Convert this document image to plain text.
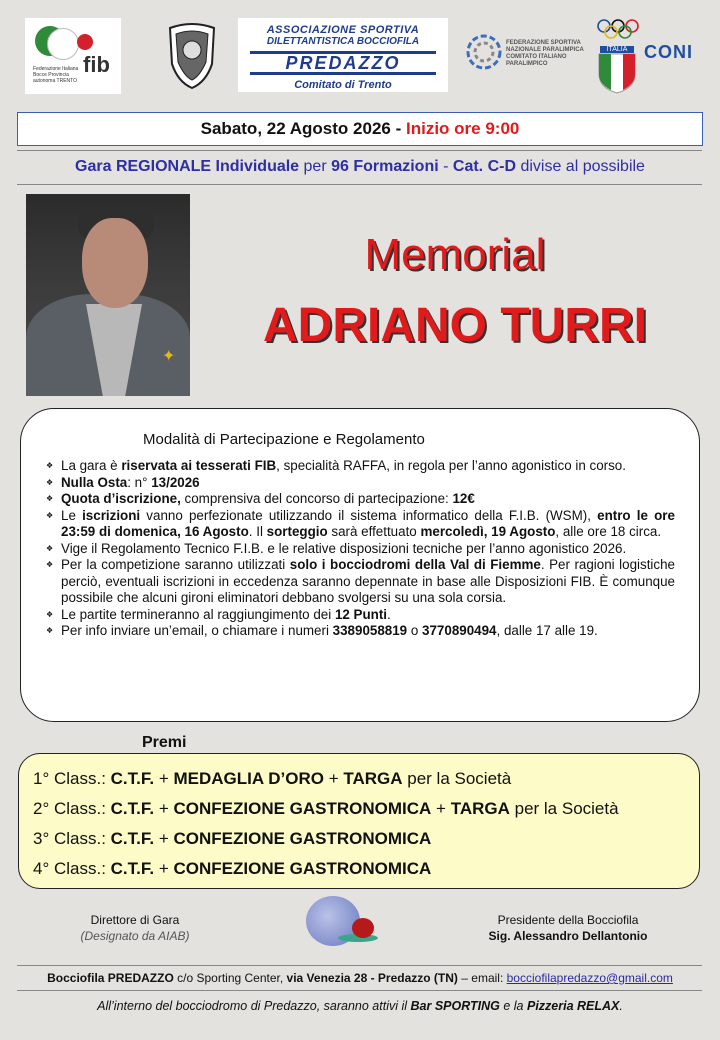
fib
Federazione Italiana Bocce Provincia autonoma TRENTO
ASSOCIAZIONE SPORTIVA
DILETTANTISTICA BOCCIOFILA
PREDAZZO
Comitato di Trento
FEDERAZIONE SPORTIVA NAZIONALE PARALIMPICA COMITATO ITALIANO PARALIMPICO
ITALIA CONI
Sabato, 22 Agosto 2026 - Inizio ore 9:00
Gara REGIONALE Individuale per 96 Formazioni - Cat. C-D divise al possibile
✦
Memorial
ADRIANO TURRI
Modalità di Partecipazione e Regolamento
❖ La gara è riservata ai tesserati FIB, specialità RAFFA, in regola per l’anno agonistico in corso.
❖ Nulla Osta: n° 13/2026
❖ Quota d’iscrizione, comprensiva del concorso di partecipazione: 12€
❖ Le iscrizioni vanno perfezionate utilizzando il sistema informatico della F.I.B. (WSM), entro le ore 23:59 di domenica, 16 Agosto. Il sorteggio sarà effettuato mercoledì, 19 Agosto, alle ore 18 circa.
❖ Vige il Regolamento Tecnico F.I.B. e le relative disposizioni tecniche per l’anno agonistico 2026.
❖ Per la competizione saranno utilizzati solo i bocciodromi della Val di Fiemme. Per ragioni logistiche perciò, eventuali iscrizioni in eccedenza saranno depennate in base alle Disposizioni FIB. È comunque possibile che alcuni gironi eliminatori debbano svolgersi su una sola corsia.
❖ Le partite termineranno al raggiungimento dei 12 Punti.
❖ Per info inviare un’email, o chiamare i numeri 3389058819 o 3770890494, dalle 17 alle 19.
Premi
1° Class.: C.T.F. + MEDAGLIA D’ORO + TARGA per la Società
2° Class.: C.T.F. + CONFEZIONE GASTRONOMICA + TARGA per la Società
3° Class.: C.T.F. + CONFEZIONE GASTRONOMICA
4° Class.: C.T.F. + CONFEZIONE GASTRONOMICA
Direttore di Gara
(Designato da AIAB)
Presidente della Bocciofila
Sig. Alessandro Dellantonio
Bocciofila PREDAZZO c/o Sporting Center, via Venezia 28 - Predazzo (TN) – email: bocciofilapredazzo@gmail.com
All’interno del bocciodromo di Predazzo, saranno attivi il Bar SPORTING e la Pizzeria RELAX.
